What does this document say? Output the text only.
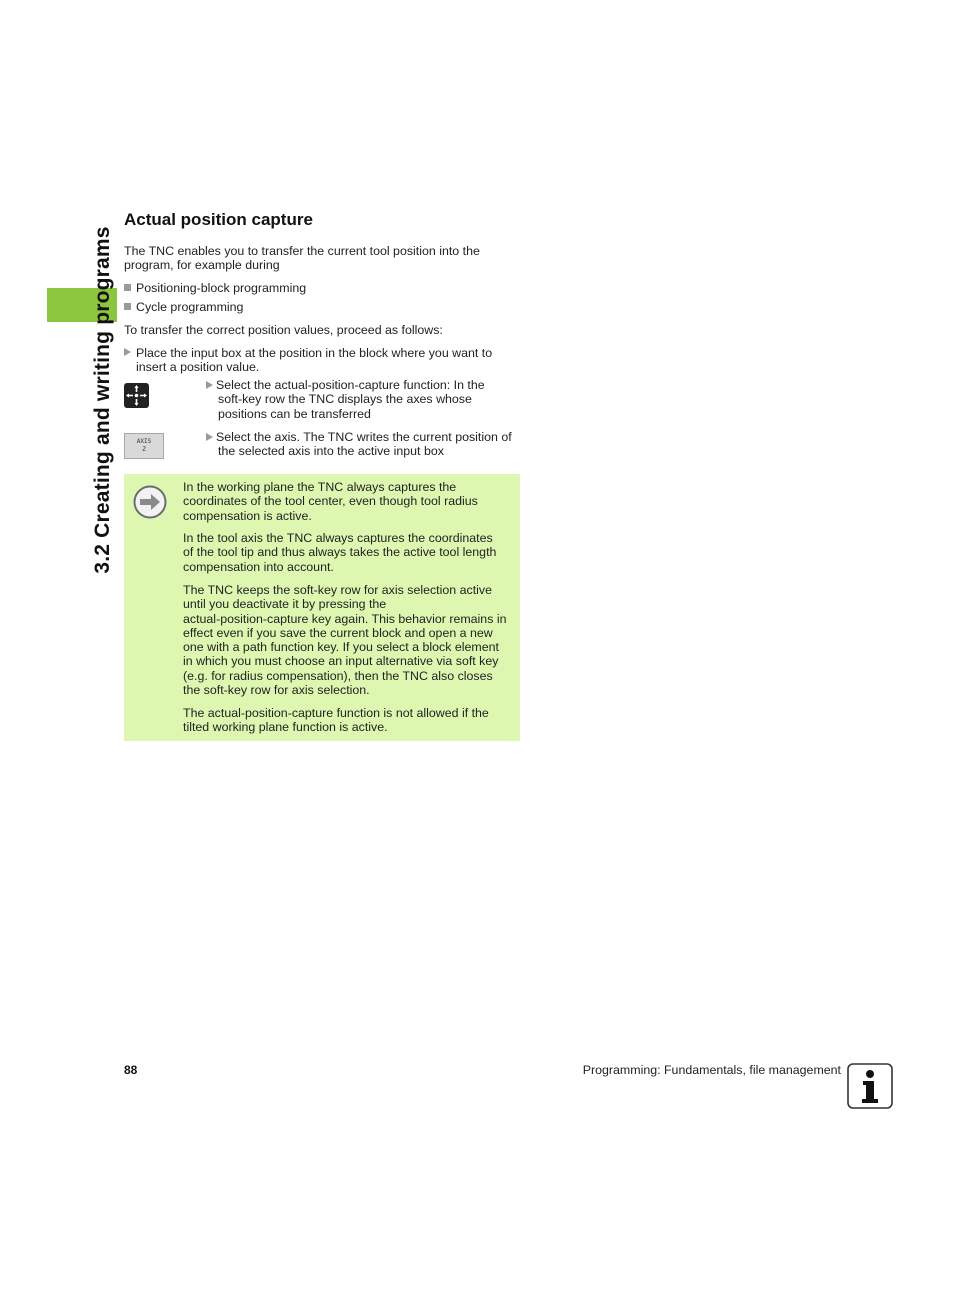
3.2 Creating and writing programs
Actual position capture

The TNC enables you to transfer the current tool position into the
program, for example during

Positioning-block programming

Cycle programming

To transfer the correct position values, proceed as follows:

Place the input box at the position in the block where you want to
insert a position value.

Select the actual-position-capture function: In the
soft-key row the TNC displays the axes whose
positions can be transferred

AXIS
Z

Select the axis. The TNC writes the current position of
the selected axis into the active input box

In the working plane the TNC always captures the
coordinates of the tool center, even though tool radius
compensation is active.

In the tool axis the TNC always captures the coordinates
of the tool tip and thus always takes the active tool length
compensation into account.

The TNC keeps the soft-key row for axis selection active
until you deactivate it by pressing the
actual-position-capture key again. This behavior remains in
effect even if you save the current block and open a new
one with a path function key. If you select a block element
in which you must choose an input alternative via soft key
(e.g. for radius compensation), then the TNC also closes
the soft-key row for axis selection.

The actual-position-capture function is not allowed if the
tilted working plane function is active.

88	Programming: Fundamentals, file management
